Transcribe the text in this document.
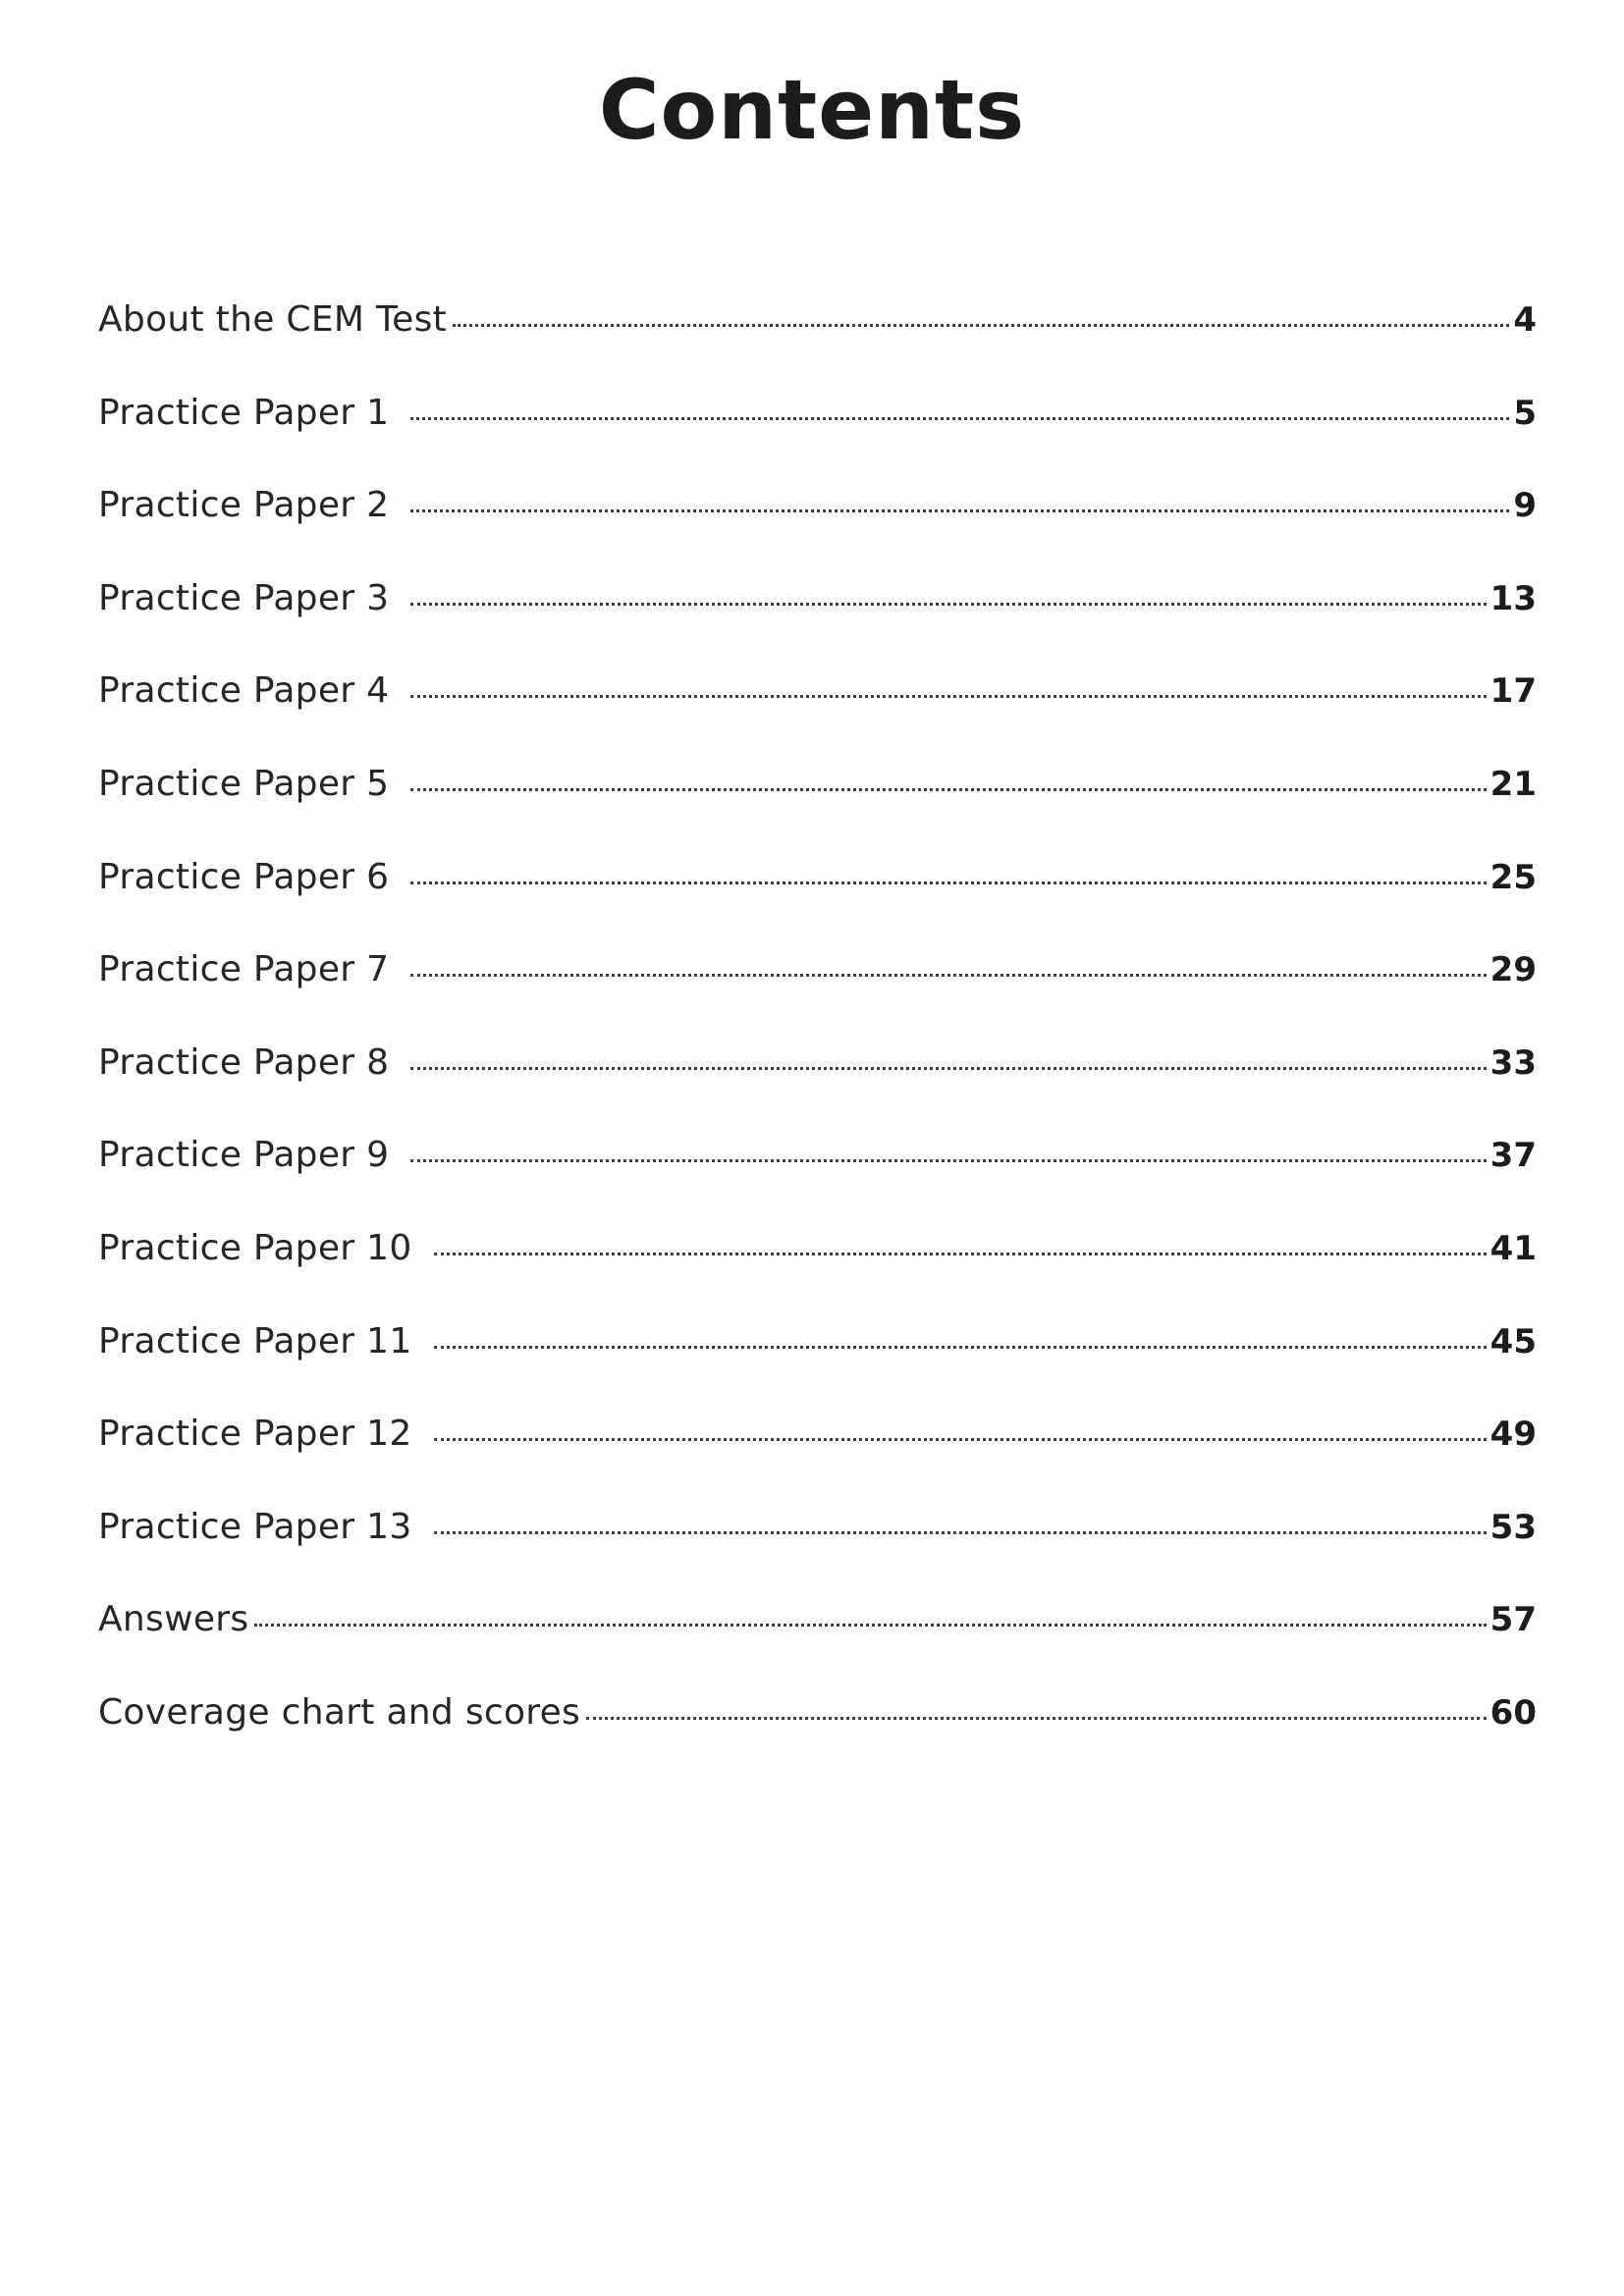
Contents
About the CEM Test	4
Practice Paper 1	5
Practice Paper 2	9
Practice Paper 3	13
Practice Paper 4	17
Practice Paper 5	21
Practice Paper 6	25
Practice Paper 7	29
Practice Paper 8	33
Practice Paper 9	37
Practice Paper 10	41
Practice Paper 11	45
Practice Paper 12	49
Practice Paper 13	53
Answers	57
Coverage chart and scores	60
